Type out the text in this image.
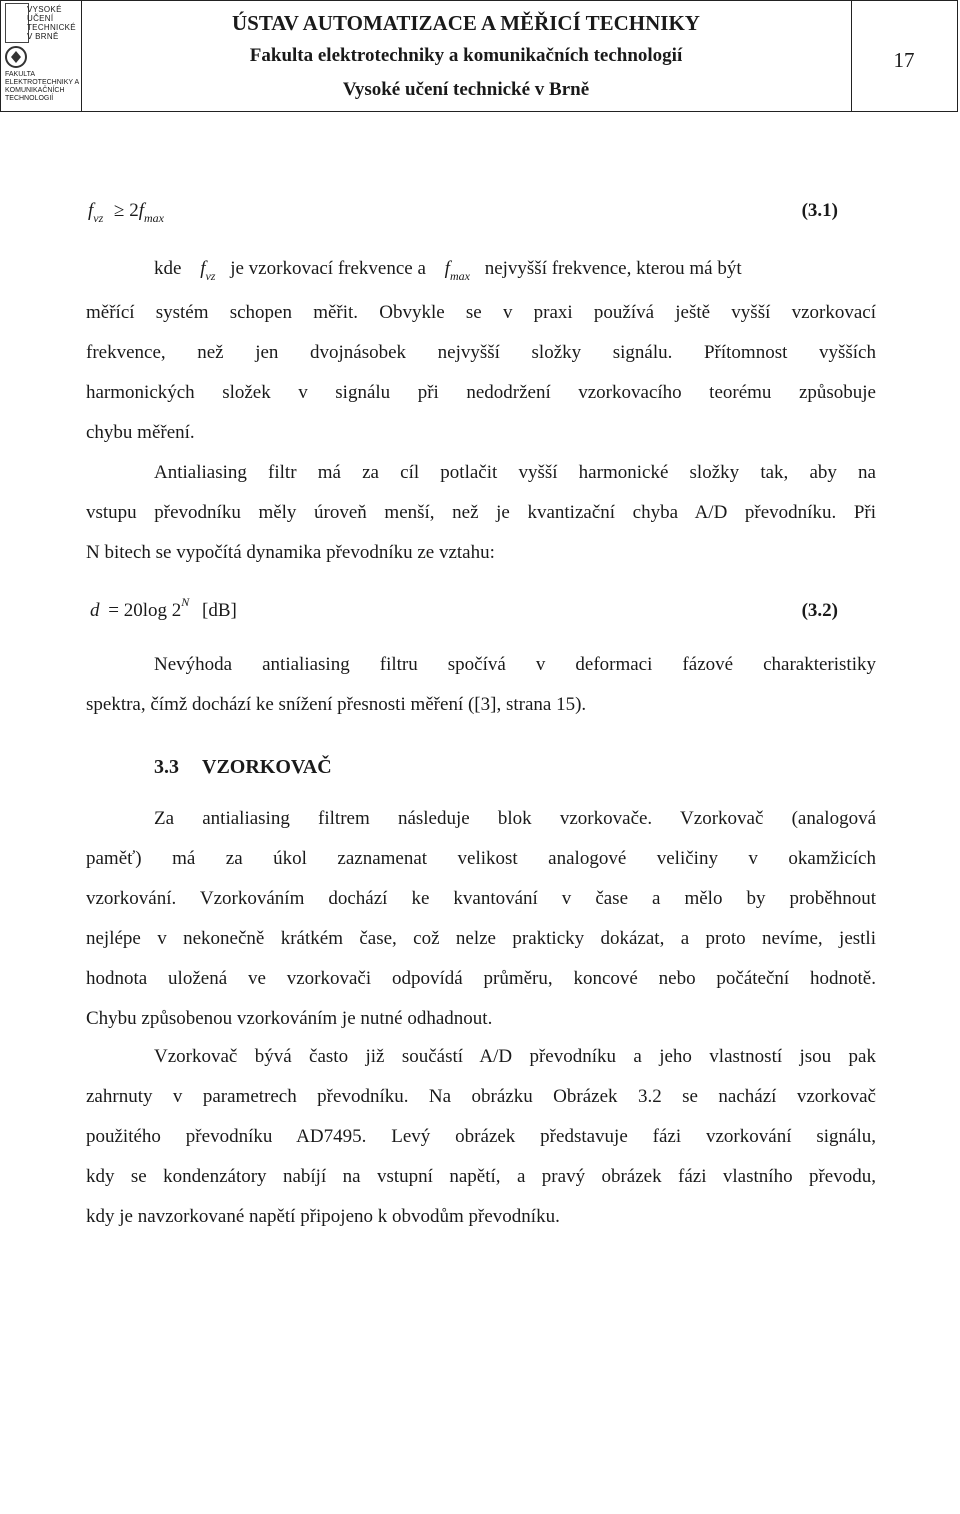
VYSOKÉ UČENÍ TECHNICKÉ V BRNĚ
FAKULTA ELEKTROTECHNIKY A KOMUNIKAČNÍCH TECHNOLOGIÍ
ÚSTAV AUTOMATIZACE A MĚŘICÍ TECHNIKY
Fakulta elektrotechniky a komunikačních technologií
Vysoké učení technické v Brně
17
$f_{vz} \ge 2f_{max}$	(3.1)
kde $f_{vz}$ je vzorkovací frekvence a $f_{max}$ nejvyšší frekvence, kterou má být
měřící systém schopen měřit. Obvykle se v praxi používá ještě vyšší vzorkovací
frekvence, než jen dvojnásobek nejvyšší složky signálu. Přítomnost vyšších
harmonických složek v signálu při nedodržení vzorkovacího teorému způsobuje
chybu měření.
Antialiasing filtr má za cíl potlačit vyšší harmonické složky tak, aby na
vstupu převodníku měly úroveň menší, než je kvantizační chyba A/D převodníku. Při
N bitech se vypočítá dynamika převodníku ze vztahu:
d = 20log $2^N$ [dB]	(3.2)
Nevýhoda antialiasing filtru spočívá v deformaci fázové charakteristiky
spektra, čímž dochází ke snížení přesnosti měření ([3], strana 15).
3.3 VZORKOVAČ
Za antialiasing filtrem následuje blok vzorkovače. Vzorkovač (analogová
paměť) má za úkol zaznamenat velikost analogové veličiny v okamžicích
vzorkování. Vzorkováním dochází ke kvantování v čase a mělo by proběhnout
nejlépe v nekonečně krátkém čase, což nelze prakticky dokázat, a proto nevíme, jestli
hodnota uložená ve vzorkovači odpovídá průměru, koncové nebo počáteční hodnotě.
Chybu způsobenou vzorkováním je nutné odhadnout.
Vzorkovač bývá často již součástí A/D převodníku a jeho vlastností jsou pak
zahrnuty v parametrech převodníku. Na obrázku Obrázek 3.2 se nachází vzorkovač
použitého převodníku AD7495. Levý obrázek představuje fázi vzorkování signálu,
kdy se kondenzátory nabíjí na vstupní napětí, a pravý obrázek fázi vlastního převodu,
kdy je navzorkované napětí připojeno k obvodům převodníku.
